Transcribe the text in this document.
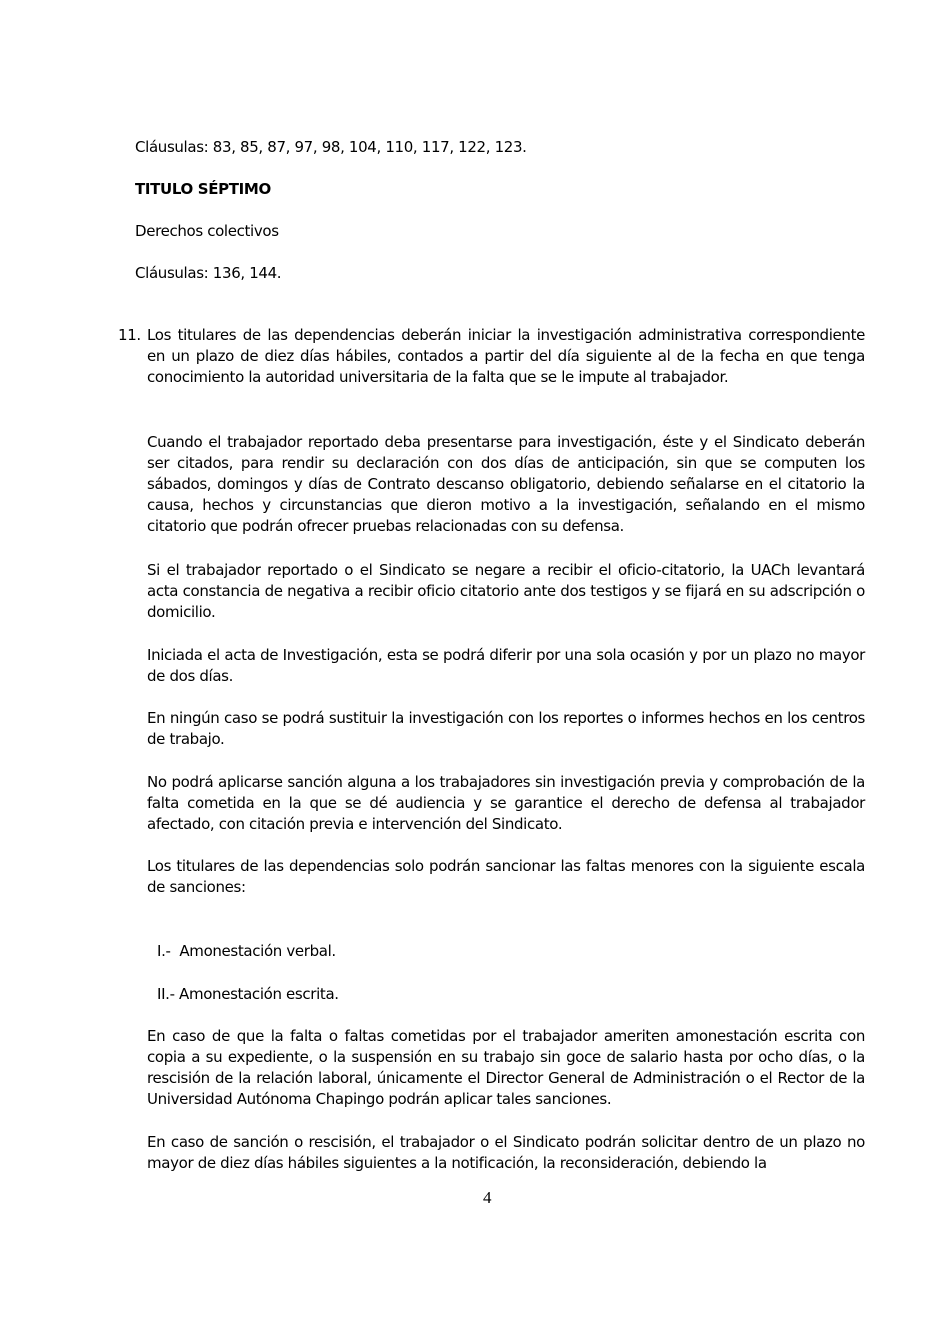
Cláusulas: 83, 85, 87, 97, 98, 104, 110, 117, 122, 123.
TITULO SÉPTIMO
Derechos colectivos
Cláusulas: 136, 144.
11. Los titulares de las dependencias deberán iniciar la investigación administrativa correspondiente en un plazo de diez días hábiles, contados a partir del día siguiente al de la fecha en que tenga conocimiento la autoridad universitaria de la falta que se le impute al trabajador.
Cuando el trabajador reportado deba presentarse para investigación, éste y el Sindicato deberán ser citados, para rendir su declaración con dos días de anticipación, sin que se computen los sábados, domingos y días de Contrato descanso obligatorio, debiendo señalarse en el citatorio la causa, hechos y circunstancias que dieron motivo a la investigación, señalando en el mismo citatorio que podrán ofrecer pruebas relacionadas con su defensa.
Si el trabajador reportado o el Sindicato se negare a recibir el oficio-citatorio, la UACh levantará acta constancia de negativa a recibir oficio citatorio ante dos testigos y se fijará en su adscripción o domicilio.
Iniciada el acta de Investigación, esta se podrá diferir por una sola ocasión y por un plazo no mayor de dos días.
En ningún caso se podrá sustituir la investigación con los reportes o informes hechos en los centros de trabajo.
No podrá aplicarse sanción alguna a los trabajadores sin investigación previa y comprobación de la falta cometida en la que se dé audiencia y se garantice el derecho de defensa al trabajador afectado, con citación previa e intervención del Sindicato.
Los titulares de las dependencias solo podrán sancionar las faltas menores con la siguiente escala de sanciones:
I.-  Amonestación verbal.
II.- Amonestación escrita.
En caso de que la falta o faltas cometidas por el trabajador ameriten amonestación escrita con copia a su expediente, o la suspensión en su trabajo sin goce de salario hasta por ocho días, o la rescisión de la relación laboral, únicamente el Director General de Administración o el Rector de la Universidad Autónoma Chapingo podrán aplicar tales sanciones.
En caso de sanción o rescisión, el trabajador o el Sindicato podrán solicitar dentro de un plazo no mayor de diez días hábiles siguientes a la notificación, la reconsideración, debiendo la
4
